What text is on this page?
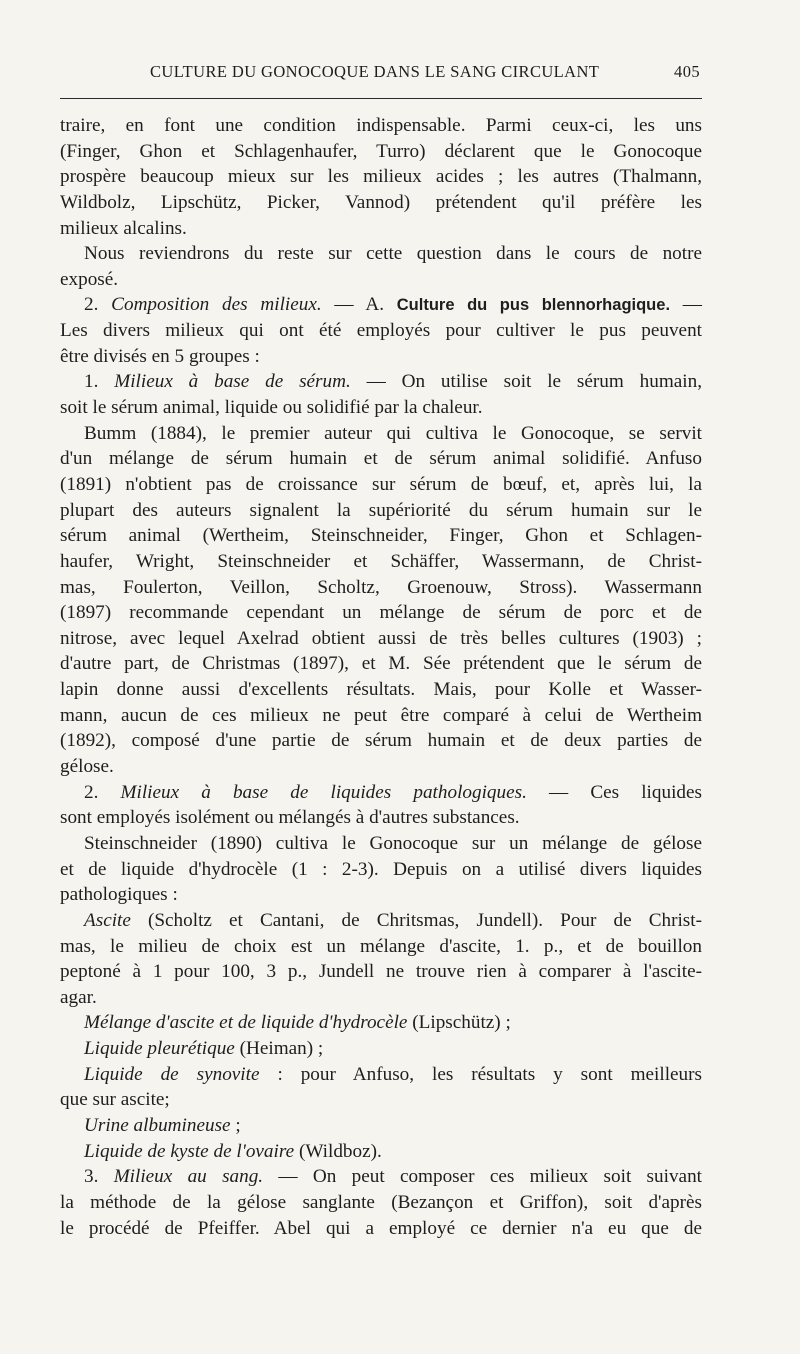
CULTURE DU GONOCOQUE DANS LE SANG CIRCULANT	405
traire, en font une condition indispensable. Parmi ceux-ci, les uns
(Finger, Ghon et Schlagenhaufer, Turro) déclarent que le Gonocoque
prospère beaucoup mieux sur les milieux acides ; les autres (Thalmann,
Wildbolz, Lipschütz, Picker, Vannod) prétendent qu'il préfère les
milieux alcalins.
Nous reviendrons du reste sur cette question dans le cours de notre
exposé.
2. Composition des milieux. — A. Culture du pus blennorhagique. —
Les divers milieux qui ont été employés pour cultiver le pus peuvent
être divisés en 5 groupes :
1. Milieux à base de sérum. — On utilise soit le sérum humain,
soit le sérum animal, liquide ou solidifié par la chaleur.
Bumm (1884), le premier auteur qui cultiva le Gonocoque, se servit
d'un mélange de sérum humain et de sérum animal solidifié. Anfuso
(1891) n'obtient pas de croissance sur sérum de bœuf, et, après lui, la
plupart des auteurs signalent la supériorité du sérum humain sur le
sérum animal (Wertheim, Steinschneider, Finger, Ghon et Schlagen-
haufer, Wright, Steinschneider et Schäffer, Wassermann, de Christ-
mas, Foulerton, Veillon, Scholtz, Groenouw, Stross). Wassermann
(1897) recommande cependant un mélange de sérum de porc et de
nitrose, avec lequel Axelrad obtient aussi de très belles cultures (1903) ;
d'autre part, de Christmas (1897), et M. Sée prétendent que le sérum de
lapin donne aussi d'excellents résultats. Mais, pour Kolle et Wasser-
mann, aucun de ces milieux ne peut être comparé à celui de Wertheim
(1892), composé d'une partie de sérum humain et de deux parties de
gélose.
2. Milieux à base de liquides pathologiques. — Ces liquides
sont employés isolément ou mélangés à d'autres substances.
Steinschneider (1890) cultiva le Gonocoque sur un mélange de gélose
et de liquide d'hydrocèle (1 : 2-3). Depuis on a utilisé divers liquides
pathologiques :
Ascite (Scholtz et Cantani, de Chritsmas, Jundell). Pour de Christ-
mas, le milieu de choix est un mélange d'ascite, 1. p., et de bouillon
peptoné à 1 pour 100, 3 p., Jundell ne trouve rien à comparer à l'ascite-
agar.
Mélange d'ascite et de liquide d'hydrocèle (Lipschütz) ;
Liquide pleurétique (Heiman) ;
Liquide de synovite : pour Anfuso, les résultats y sont meilleurs
que sur ascite;
Urine albumineuse ;
Liquide de kyste de l'ovaire (Wildboz).
3. Milieux au sang. — On peut composer ces milieux soit suivant
la méthode de la gélose sanglante (Bezançon et Griffon), soit d'après
le procédé de Pfeiffer. Abel qui a employé ce dernier n'a eu que de
